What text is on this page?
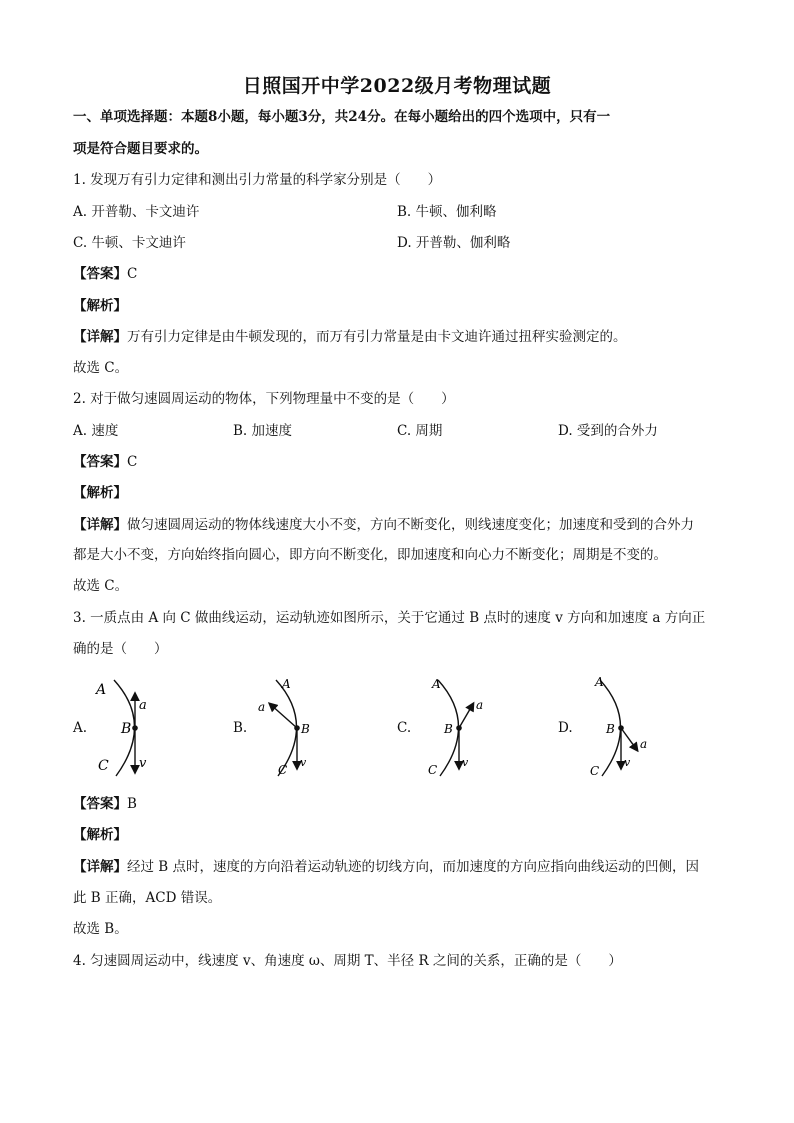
日照国开中学2022级月考物理试题
一、单项选择题：本题8小题，每小题3分，共24分。在每小题给出的四个选项中，只有一
项是符合题目要求的。
1. 发现万有引力定律和测出引力常量的科学家分别是（　　）
A. 开普勒、卡文迪许	B. 牛顿、伽利略
C. 牛顿、卡文迪许	D. 开普勒、伽利略
【答案】C
【解析】
【详解】万有引力定律是由牛顿发现的，而万有引力常量是由卡文迪许通过扭秤实验测定的。
故选 C。
2. 对于做匀速圆周运动的物体，下列物理量中不变的是（　　）
A. 速度	B. 加速度	C. 周期	D. 受到的合外力
【答案】C
【解析】
【详解】做匀速圆周运动的物体线速度大小不变，方向不断变化，则线速度变化；加速度和受到的合外力
都是大小不变，方向始终指向圆心，即方向不断变化，即加速度和向心力不断变化；周期是不变的。
故选 C。
3. 一质点由 A 向 C 做曲线运动，运动轨迹如图所示，关于它通过 B 点时的速度 v 方向和加速度 a 方向正
确的是（　　）
A.	B.	C.	D.
A
a
B
v
C
A
a
B
v
C
A
a
B
v
C
A
B
a
v
C
【答案】B
【解析】
【详解】经过 B 点时，速度的方向沿着运动轨迹的切线方向，而加速度的方向应指向曲线运动的凹侧，因
此 B 正确，ACD 错误。
故选 B。
4. 匀速圆周运动中，线速度 v、角速度 ω、周期 T、半径 R 之间的关系，正确的是（　　）
